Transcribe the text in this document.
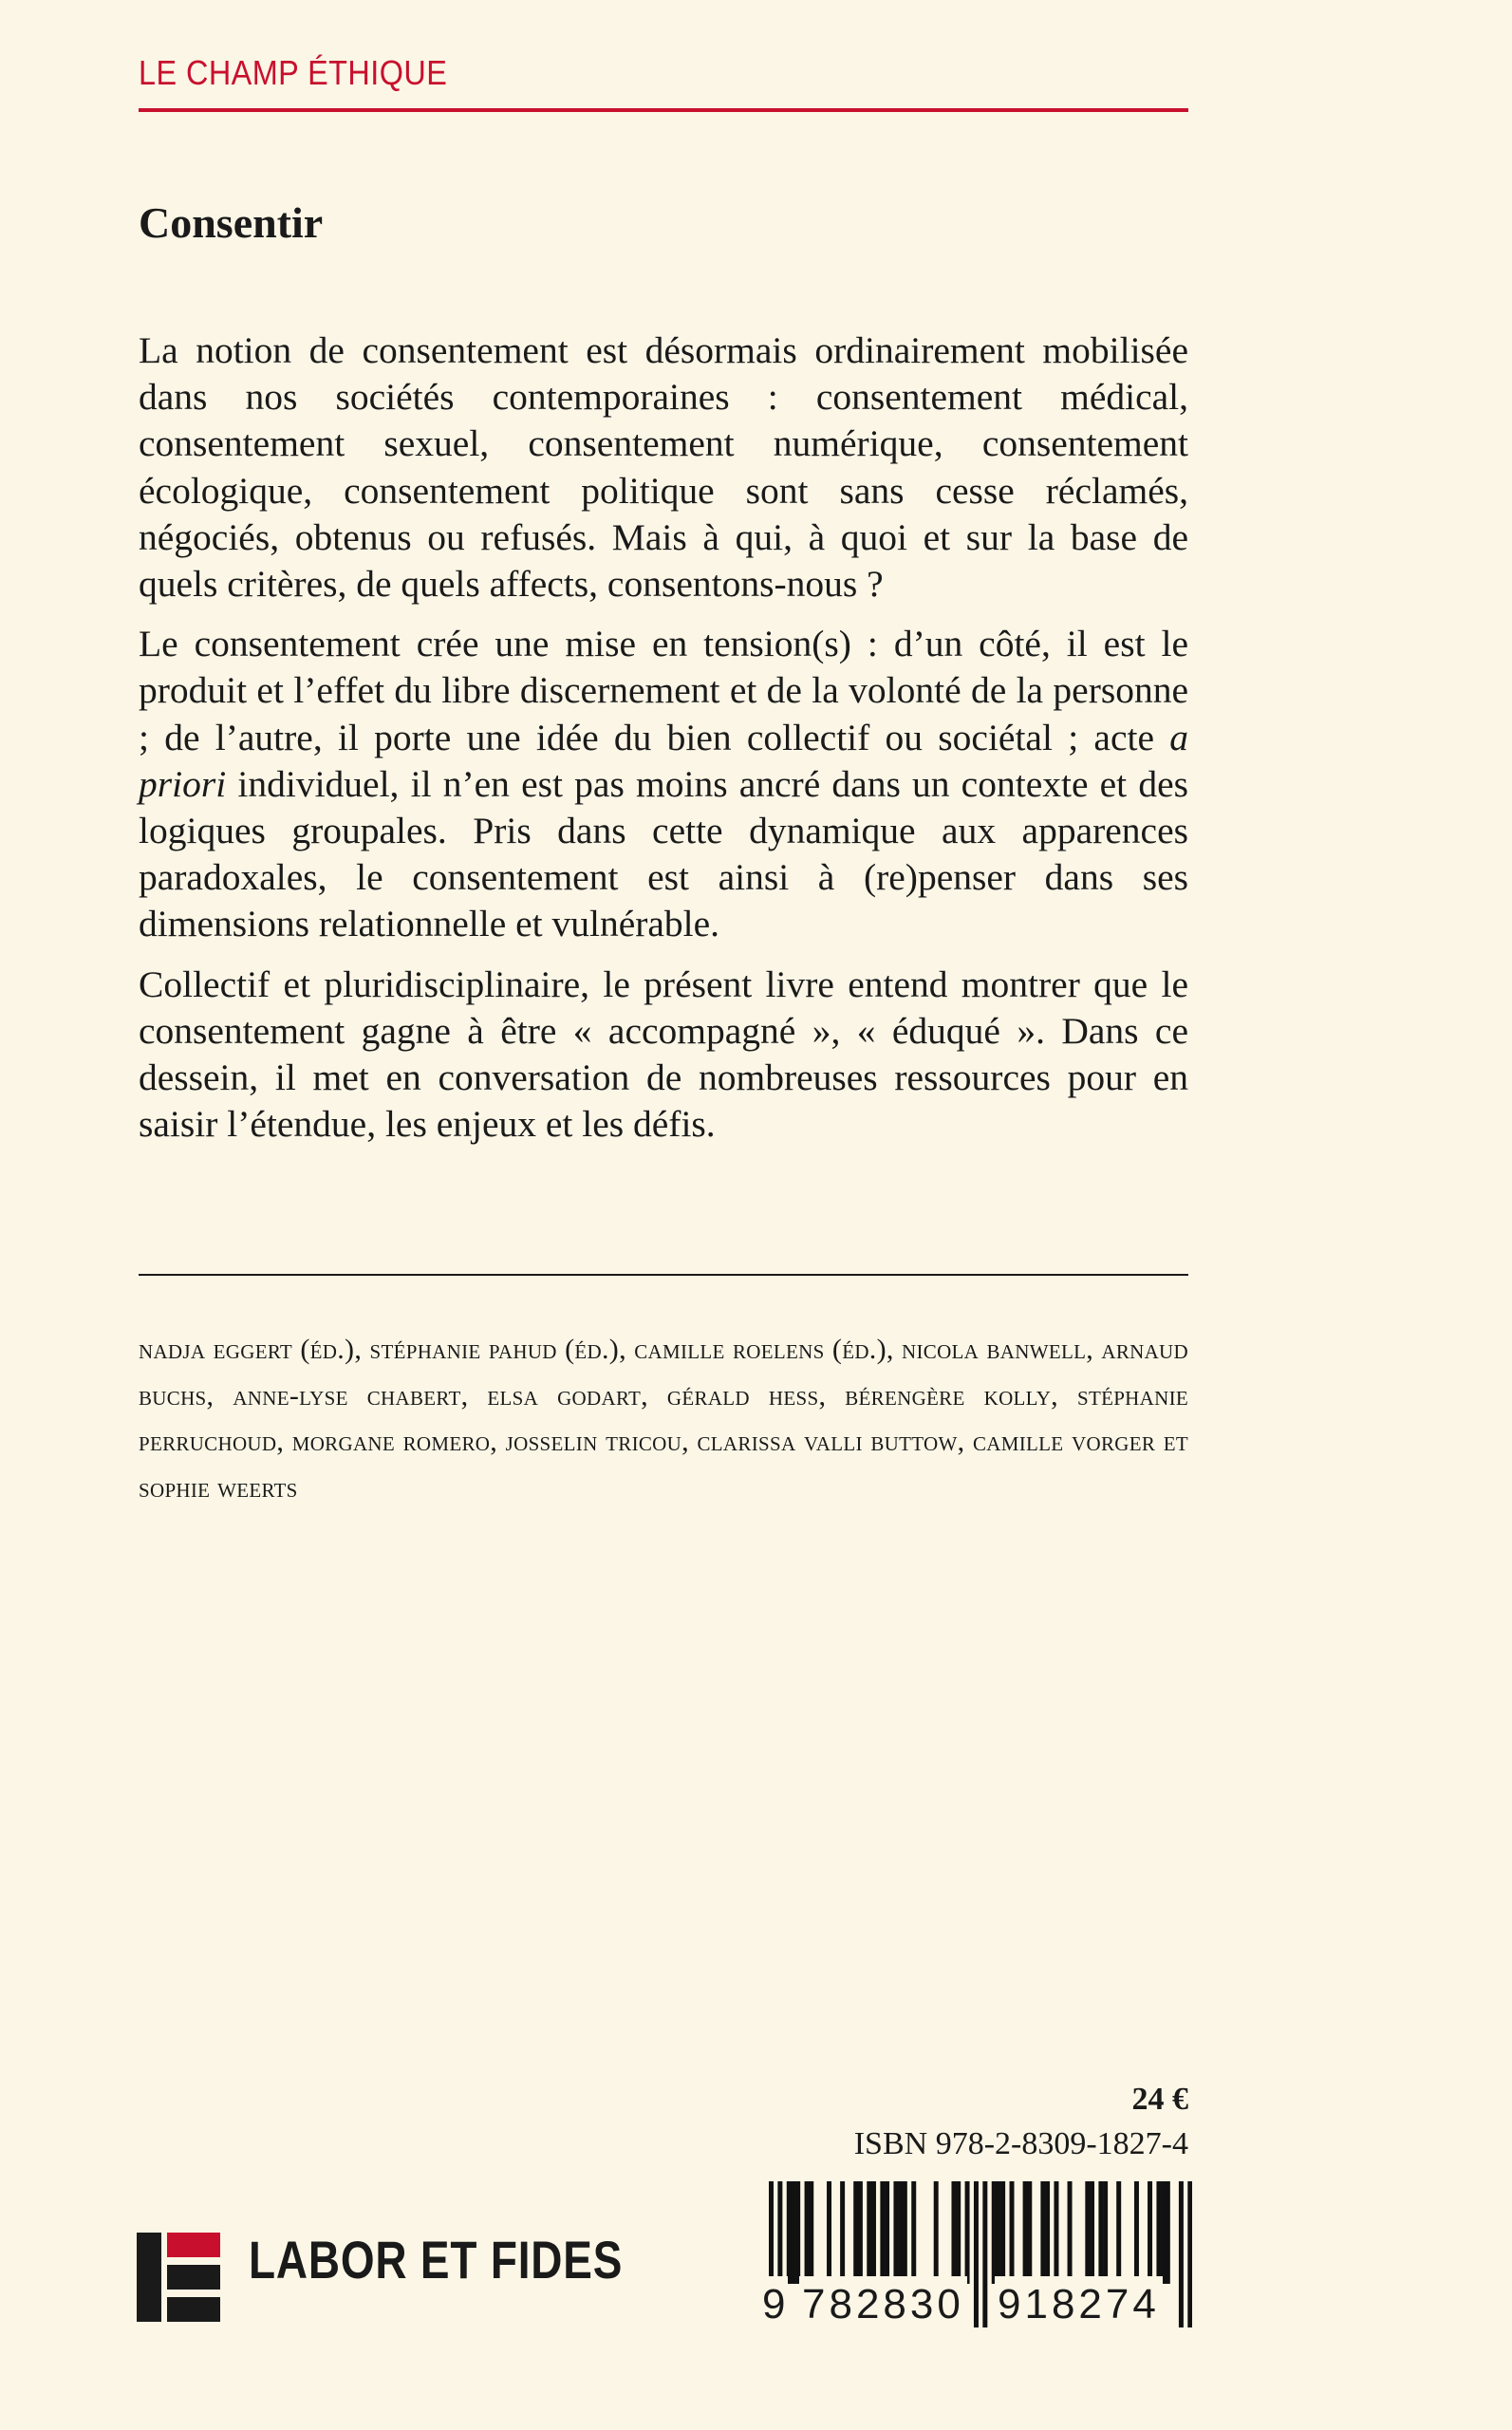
LE CHAMP ÉTHIQUE
Consentir

La notion de consentement est désormais ordinairement mobilisée dans nos sociétés contemporaines : consentement médical, consentement sexuel, consentement numérique, consentement écologique, consentement politique sont sans cesse réclamés, négociés, obtenus ou refusés. Mais à qui, à quoi et sur la base de quels critères, de quels affects, consentons-nous ?

Le consentement crée une mise en tension(s) : d’un côté, il est le produit et l’effet du libre discernement et de la volonté de la personne ; de l’autre, il porte une idée du bien collectif ou sociétal ; acte a priori individuel, il n’en est pas moins ancré dans un contexte et des logiques groupales. Pris dans cette dynamique aux apparences paradoxales, le consentement est ainsi à (re)penser dans ses dimensions relationnelle et vulnérable.

Collectif et pluridisciplinaire, le présent livre entend montrer que le consentement gagne à être « accompagné », « éduqué ». Dans ce dessein, il met en conversation de nombreuses ressources pour en saisir l’étendue, les enjeux et les défis.

nadja eggert (éd.), stéphanie pahud (éd.), camille roelens (éd.), nicola banwell, arnaud buchs, anne-lyse chabert, elsa godart, gérald hess, bérengère kolly, stéphanie perruchoud, morgane romero, josselin tricou, clarissa valli buttow, camille vorger et sophie weerts
24 €
ISBN 978-2-8309-1827-4
9 782830 918274
LABOR ET FIDES
